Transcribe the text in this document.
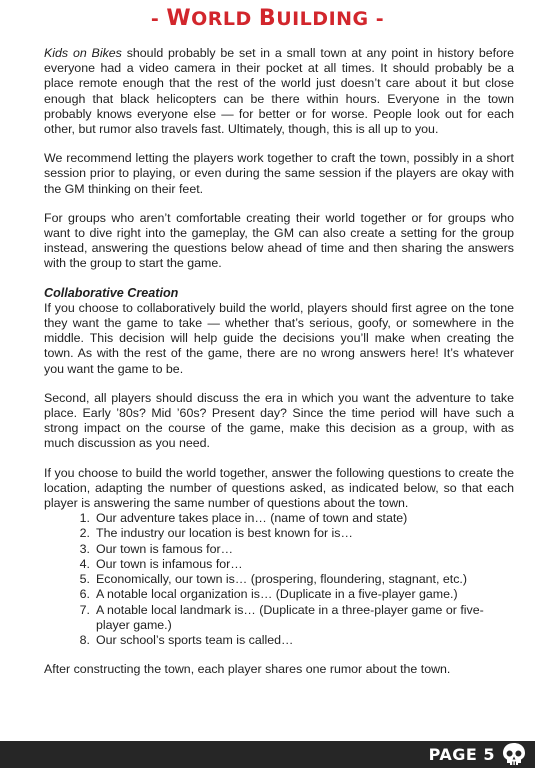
- WORLD BUILDING -

Kids on Bikes should probably be set in a small town at any point in history before everyone had a video camera in their pocket at all times. It should probably be a place remote enough that the rest of the world just doesn’t care about it but close enough that black helicopters can be there within hours. Everyone in the town probably knows everyone else — for better or for worse. People look out for each other, but rumor also travels fast. Ultimately, though, this is all up to you.

We recommend letting the players work together to craft the town, possibly in a short session prior to playing, or even during the same session if the players are okay with the GM thinking on their feet.

For groups who aren’t comfortable creating their world together or for groups who want to dive right into the gameplay, the GM can also create a setting for the group instead, answering the questions below ahead of time and then sharing the answers with the group to start the game.

Collaborative Creation

If you choose to collaboratively build the world, players should first agree on the tone they want the game to take — whether that’s serious, goofy, or somewhere in the middle. This decision will help guide the decisions you’ll make when creating the town. As with the rest of the game, there are no wrong answers here! It’s whatever you want the game to be.

Second, all players should discuss the era in which you want the adventure to take place. Early ’80s? Mid ’60s? Present day? Since the time period will have such a strong impact on the course of the game, make this decision as a group, with as much discussion as you need.

If you choose to build the world together, answer the following questions to create the location, adapting the number of questions asked, as indicated below, so that each player is answering the same number of questions about the town.

1. Our adventure takes place in… (name of town and state)
2. The industry our location is best known for is…
3. Our town is famous for…
4. Our town is infamous for…
5. Economically, our town is… (prospering, floundering, stagnant, etc.)
6. A notable local organization is… (Duplicate in a five-player game.)
7. A notable local landmark is… (Duplicate in a three-player game or five-player game.)
8. Our school’s sports team is called…

After constructing the town, each player shares one rumor about the town.

PAGE 5
